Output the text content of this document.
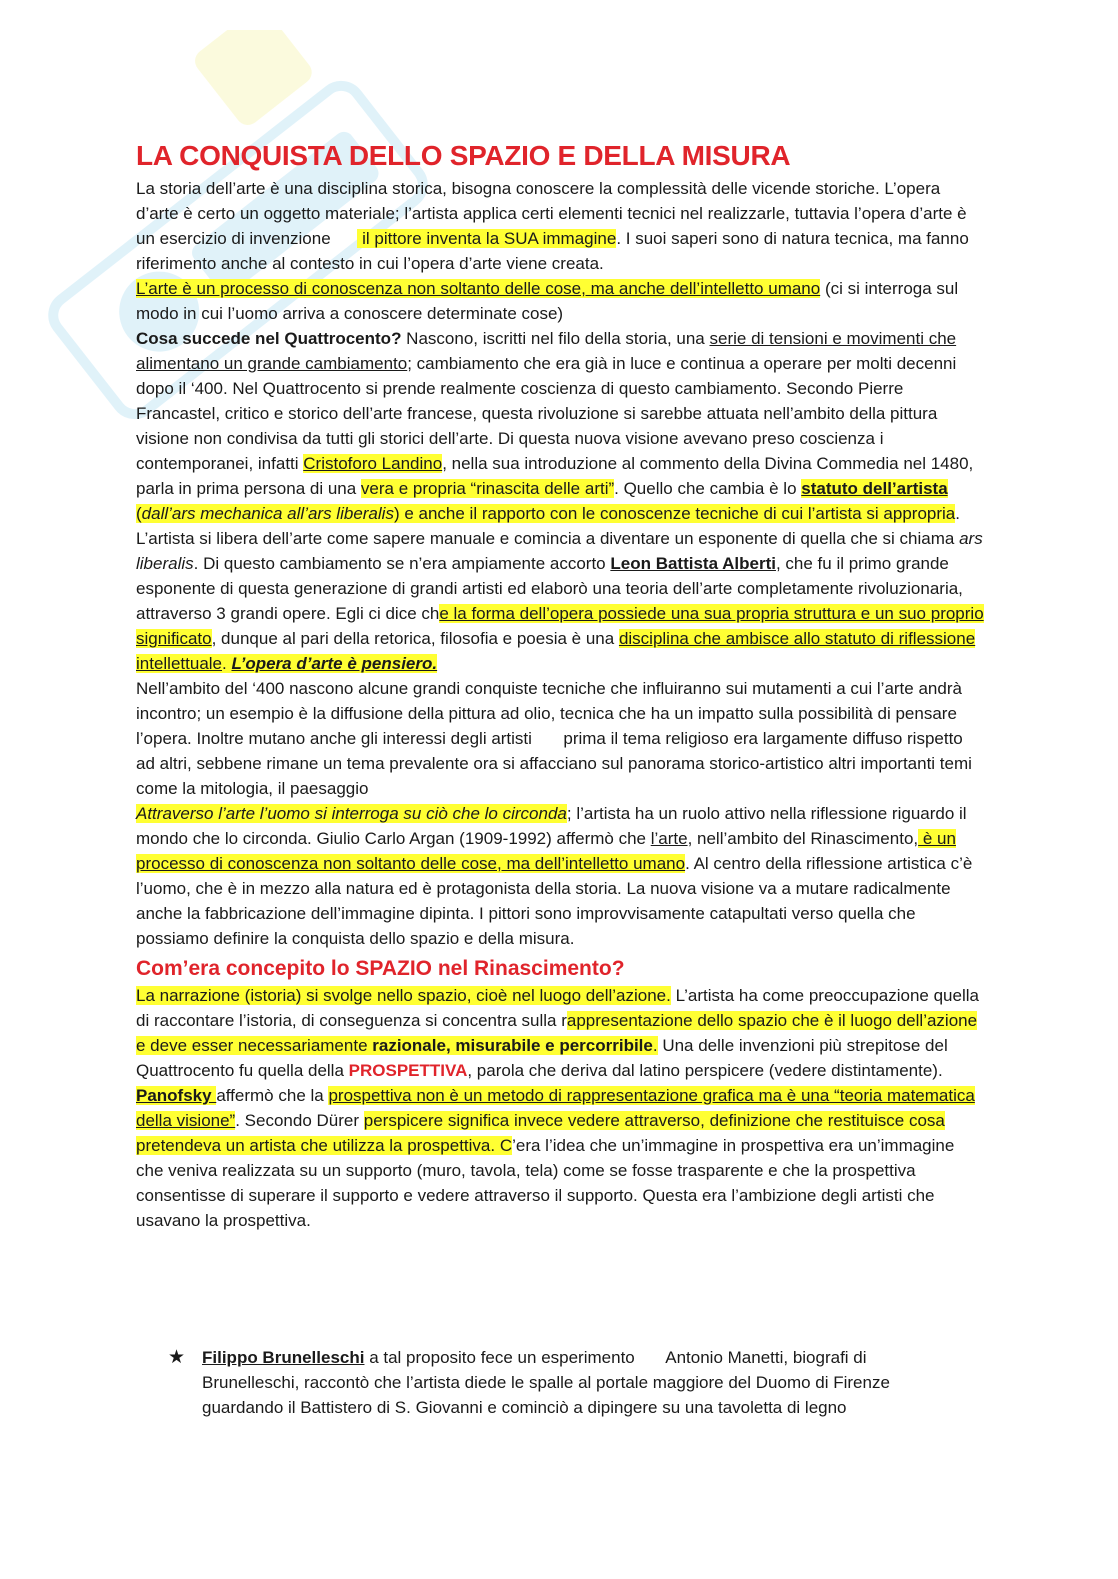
LA CONQUISTA DELLO SPAZIO E DELLA MISURA

La storia dell’arte è una disciplina storica, bisogna conoscere la complessità delle vicende storiche. L’opera d’arte è certo un oggetto materiale; l’artista applica certi elementi tecnici nel realizzarle, tuttavia l’opera d’arte è un esercizio di invenzione  il pittore inventa la SUA immagine. I suoi saperi sono di natura tecnica, ma fanno riferimento anche al contesto in cui l’opera d’arte viene creata.
L’arte è un processo di conoscenza non soltanto delle cose, ma anche dell’intelletto umano (ci si interroga sul modo in cui l’uomo arriva a conoscere determinate cose)
Cosa succede nel Quattrocento? Nascono, iscritti nel filo della storia, una serie di tensioni e movimenti che alimentano un grande cambiamento; cambiamento che era già in luce e continua a operare per molti decenni dopo il ‘400. Nel Quattrocento si prende realmente coscienza di questo cambiamento. Secondo Pierre Francastel, critico e storico dell’arte francese, questa rivoluzione si sarebbe attuata nell’ambito della pittura  visione non condivisa da tutti gli storici dell’arte. Di questa nuova visione avevano preso coscienza i contemporanei, infatti Cristoforo Landino, nella sua introduzione al commento della Divina Commedia nel 1480, parla in prima persona di una vera e propria “rinascita delle arti”. Quello che cambia è lo statuto dell’artista (dall’ars mechanica all’ars liberalis) e anche il rapporto con le conoscenze tecniche di cui l’artista si appropria. L’artista si libera dell’arte come sapere manuale e comincia a diventare un esponente di quella che si chiama ars liberalis. Di questo cambiamento se n’era ampiamente accorto Leon Battista Alberti, che fu il primo grande esponente di questa generazione di grandi artisti ed elaborò una teoria dell’arte completamente rivoluzionaria, attraverso 3 grandi opere. Egli ci dice che la forma dell’opera possiede una sua propria struttura e un suo proprio significato, dunque al pari della retorica, filosofia e poesia è una disciplina che ambisce allo statuto di riflessione intellettuale. L’opera d’arte è pensiero.
Nell’ambito del ‘400 nascono alcune grandi conquiste tecniche che influiranno sui mutamenti a cui l’arte andrà incontro; un esempio è la diffusione della pittura ad olio, tecnica che ha un impatto sulla possibilità di pensare l’opera. Inoltre mutano anche gli interessi degli artisti  prima il tema religioso era largamente diffuso rispetto ad altri, sebbene rimane un tema prevalente ora si affacciano sul panorama storico-artistico altri importanti temi come la mitologia, il paesaggio
Attraverso l’arte l’uomo si interroga su ciò che lo circonda; l’artista ha un ruolo attivo nella riflessione riguardo il mondo che lo circonda. Giulio Carlo Argan (1909-1992) affermò che l’arte, nell’ambito del Rinascimento, è un processo di conoscenza non soltanto delle cose, ma dell’intelletto umano. Al centro della riflessione artistica c’è l’uomo, che è in mezzo alla natura ed è protagonista della storia. La nuova visione va a mutare radicalmente anche la fabbricazione dell’immagine dipinta. I pittori sono improvvisamente catapultati verso quella che possiamo definire la conquista dello spazio e della misura.

Com’era concepito lo SPAZIO nel Rinascimento?

La narrazione (istoria) si svolge nello spazio, cioè nel luogo dell’azione. L’artista ha come preoccupazione quella di raccontare l’istoria, di conseguenza si concentra sulla rappresentazione dello spazio che è il luogo dell’azione e deve esser necessariamente razionale, misurabile e percorribile. Una delle invenzioni più strepitose del Quattrocento fu quella della PROSPETTIVA, parola che deriva dal latino perspicere (vedere distintamente). Panofsky affermò che la prospettiva non è un metodo di rappresentazione grafica ma è una “teoria matematica della visione”. Secondo Dürer perspicere significa invece vedere attraverso, definizione che restituisce cosa pretendeva un artista che utilizza la prospettiva. C’era l’idea che un’immagine in prospettiva era un’immagine che veniva realizzata su un supporto (muro, tavola, tela) come se fosse trasparente e che la prospettiva consentisse di superare il supporto e vedere attraverso il supporto. Questa era l’ambizione degli artisti che usavano la prospettiva.

★ Filippo Brunelleschi a tal proposito fece un esperimento  Antonio Manetti, biografi di Brunelleschi, raccontò che l’artista diede le spalle al portale maggiore del Duomo di Firenze guardando il Battistero di S. Giovanni e cominciò a dipingere su una tavoletta di legno
